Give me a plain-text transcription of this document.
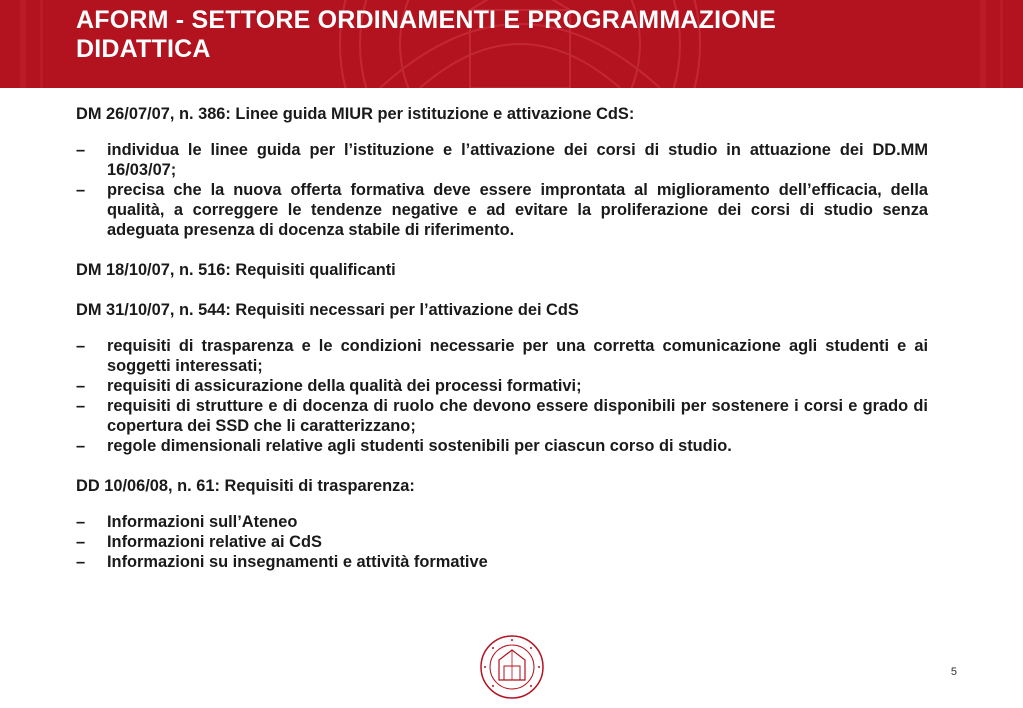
AFORM - SETTORE ORDINAMENTI E PROGRAMMAZIONE
DIDATTICA

DM 26/07/07, n. 386: Linee guida MIUR per istituzione e attivazione CdS:

– individua le linee guida per l’istituzione e l’attivazione dei corsi di studio in attuazione dei DD.MM 16/03/07;
– precisa che la nuova offerta formativa deve essere improntata al miglioramento dell’efficacia, della qualità, a correggere le tendenze negative e ad evitare la proliferazione dei corsi di studio senza adeguata presenza di docenza stabile di riferimento.

DM 18/10/07, n. 516: Requisiti qualificanti

DM 31/10/07, n. 544: Requisiti necessari per l’attivazione dei CdS

– requisiti di trasparenza e le condizioni necessarie per una corretta comunicazione agli studenti e ai soggetti interessati;
– requisiti di assicurazione della qualità dei processi formativi;
– requisiti di strutture e di docenza di ruolo che devono essere disponibili per sostenere i corsi e grado di copertura dei SSD che li caratterizzano;
– regole dimensionali relative agli studenti sostenibili per ciascun corso di studio.

DD 10/06/08, n. 61: Requisiti di trasparenza:

– Informazioni sull’Ateneo
– Informazioni relative ai CdS
– Informazioni su insegnamenti e attività formative
5
